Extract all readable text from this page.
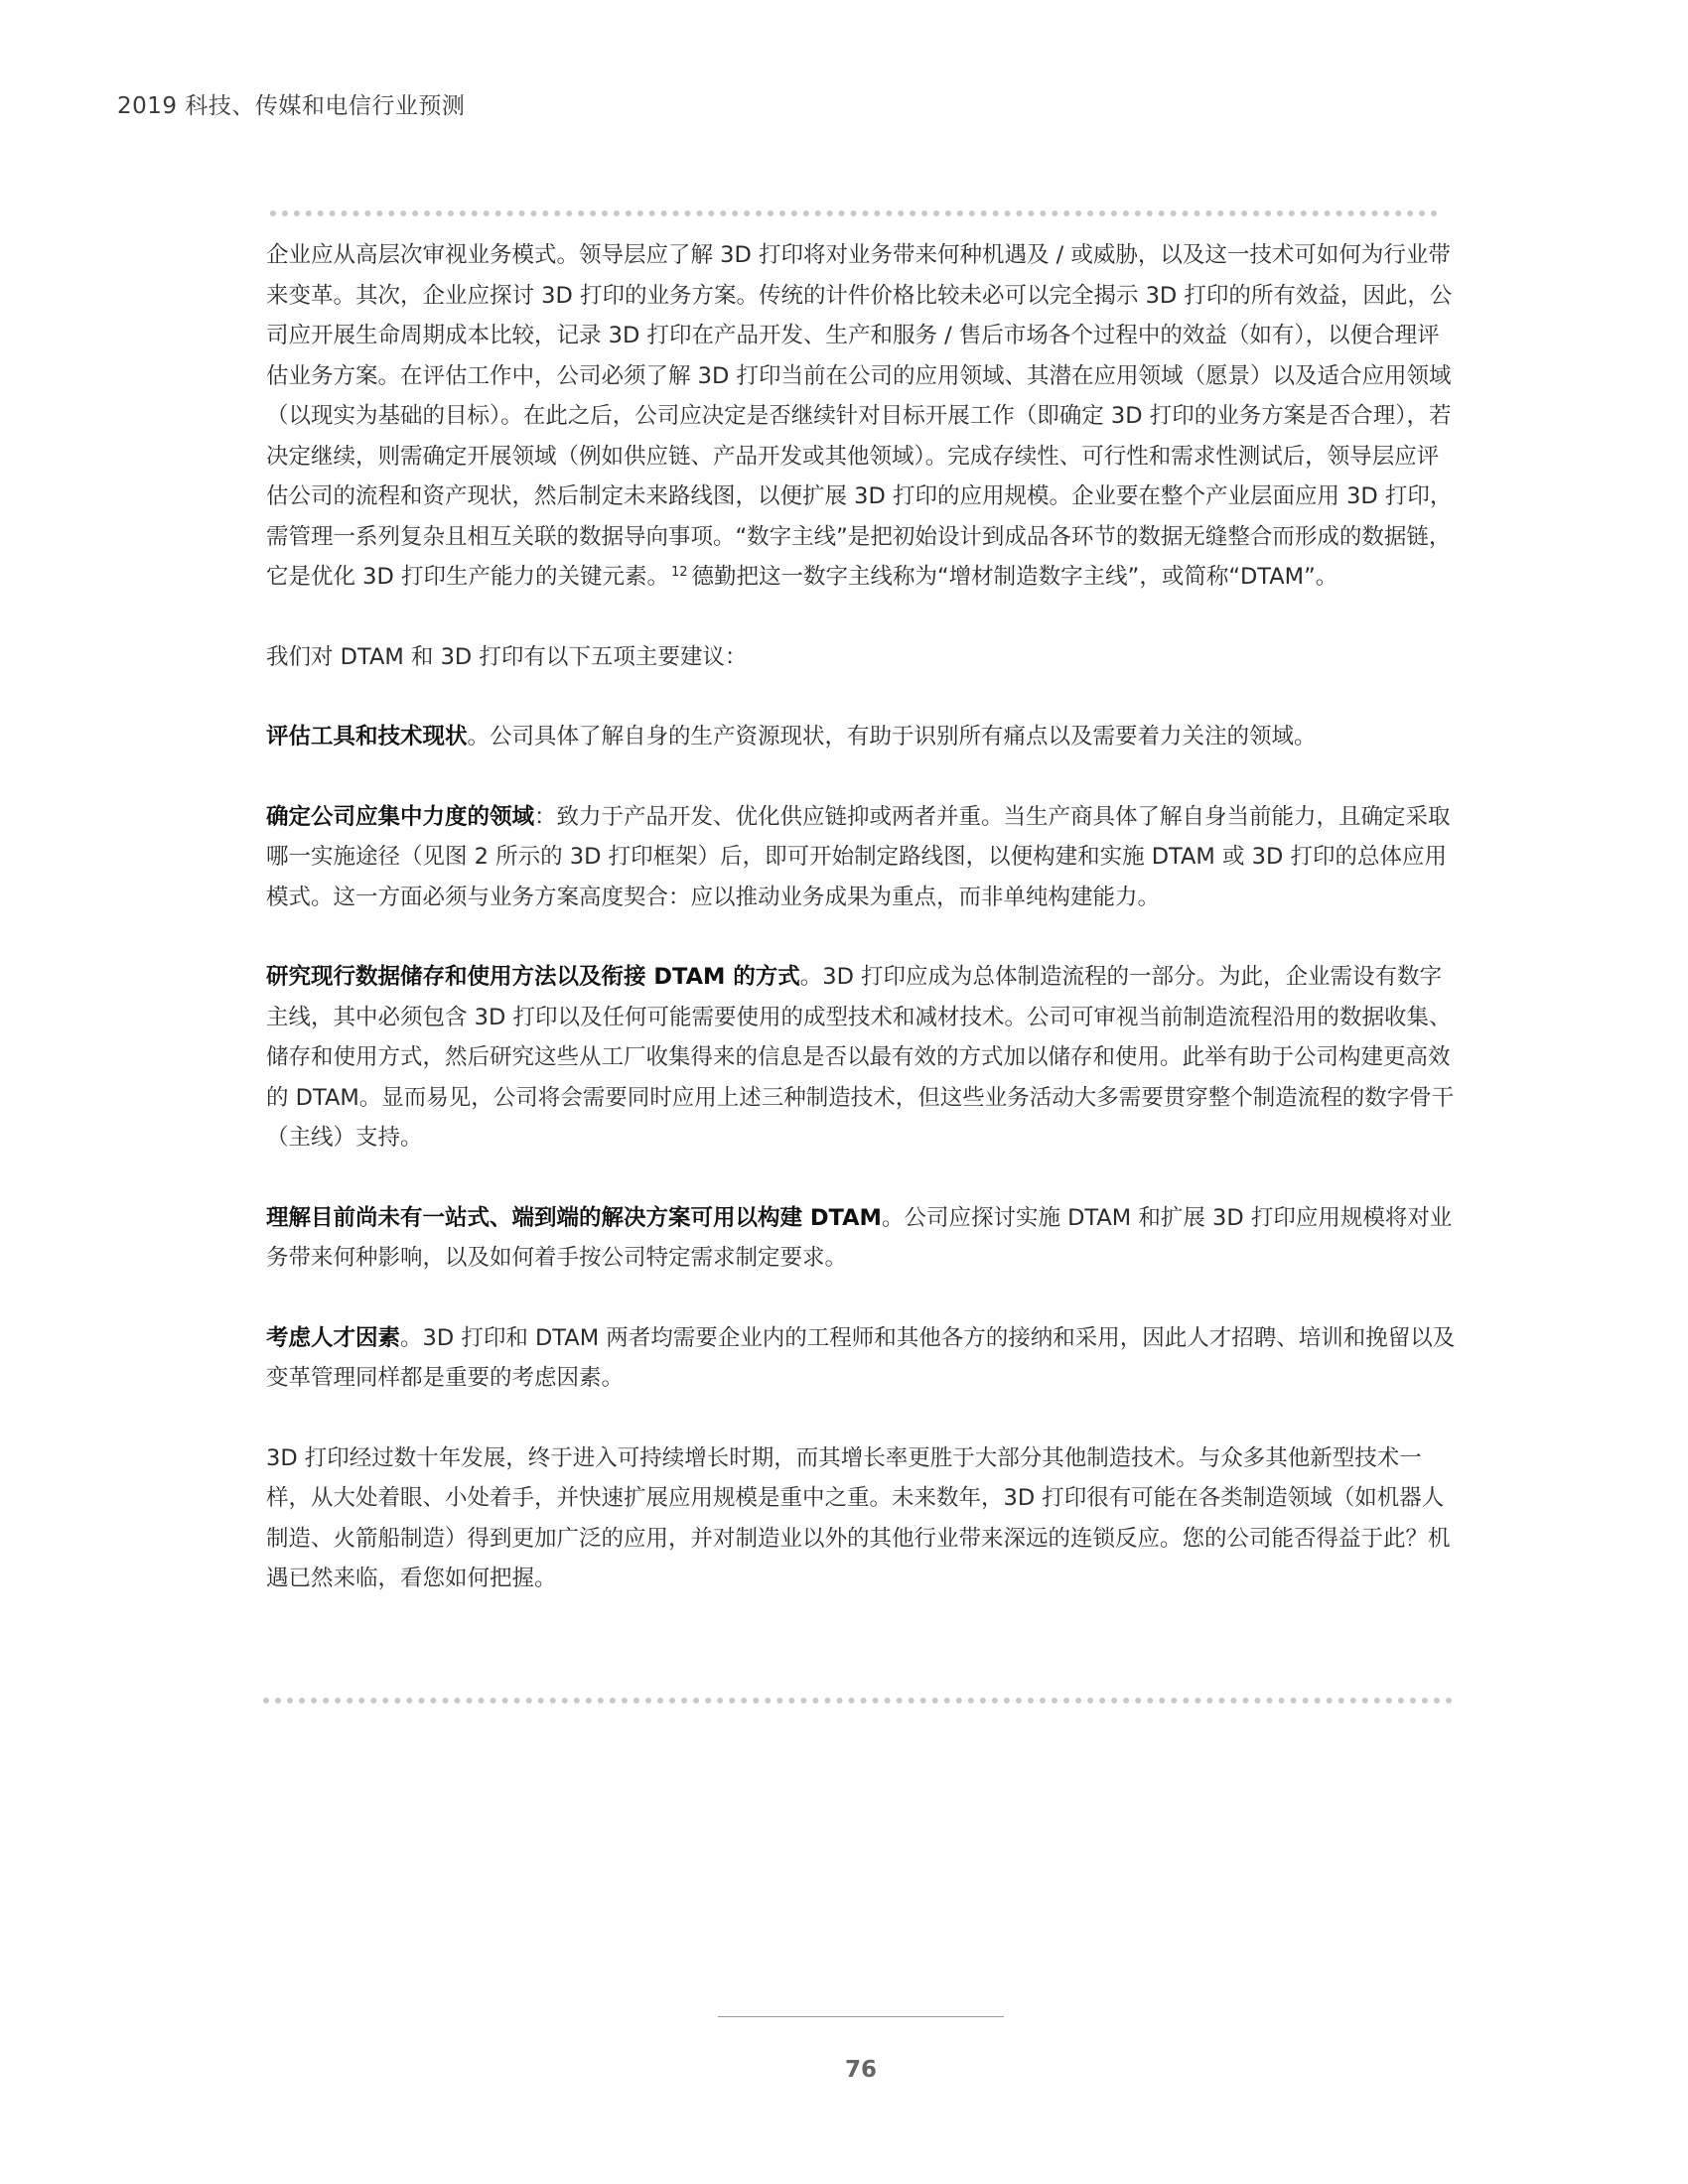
2019 科技、传媒和电信行业预测

企业应从高层次审视业务模式。领导层应了解 3D 打印将对业务带来何种机遇及 / 或威胁，以及这一技术可如何为行业带来变革。其次，企业应探讨 3D 打印的业务方案。传统的计件价格比较未必可以完全揭示 3D 打印的所有效益，因此，公司应开展生命周期成本比较，记录 3D 打印在产品开发、生产和服务 / 售后市场各个过程中的效益（如有），以便合理评估业务方案。在评估工作中，公司必须了解 3D 打印当前在公司的应用领域、其潜在应用领域（愿景）以及适合应用领域（以现实为基础的目标）。在此之后，公司应决定是否继续针对目标开展工作（即确定 3D 打印的业务方案是否合理），若决定继续，则需确定开展领域（例如供应链、产品开发或其他领域）。完成存续性、可行性和需求性测试后，领导层应评估公司的流程和资产现状，然后制定未来路线图，以便扩展 3D 打印的应用规模。企业要在整个产业层面应用 3D 打印，需管理一系列复杂且相互关联的数据导向事项。“数字主线”是把初始设计到成品各环节的数据无缝整合而形成的数据链，它是优化 3D 打印生产能力的关键元素。 $^{12}$ 德勤把这一数字主线称为“增材制造数字主线”，或简称“DTAM”。

我们对 DTAM 和 3D 打印有以下五项主要建议：

评估工具和技术现状。公司具体了解自身的生产资源现状，有助于识别所有痛点以及需要着力关注的领域。

确定公司应集中力度的领域：致力于产品开发、优化供应链抑或两者并重。当生产商具体了解自身当前能力，且确定采取哪一实施途径（见图 2 所示的 3D 打印框架）后，即可开始制定路线图，以便构建和实施 DTAM 或 3D 打印的总体应用模式。这一方面必须与业务方案高度契合：应以推动业务成果为重点，而非单纯构建能力。

研究现行数据储存和使用方法以及衔接 DTAM 的方式。3D 打印应成为总体制造流程的一部分。为此，企业需设有数字主线，其中必须包含 3D 打印以及任何可能需要使用的成型技术和减材技术。公司可审视当前制造流程沿用的数据收集、储存和使用方式，然后研究这些从工厂收集得来的信息是否以最有效的方式加以储存和使用。此举有助于公司构建更高效的 DTAM。显而易见，公司将会需要同时应用上述三种制造技术，但这些业务活动大多需要贯穿整个制造流程的数字骨干（主线）支持。

理解目前尚未有一站式、端到端的解决方案可用以构建 DTAM。公司应探讨实施 DTAM 和扩展 3D 打印应用规模将对业务带来何种影响，以及如何着手按公司特定需求制定要求。

考虑人才因素。3D 打印和 DTAM 两者均需要企业内的工程师和其他各方的接纳和采用，因此人才招聘、培训和挽留以及变革管理同样都是重要的考虑因素。

3D 打印经过数十年发展，终于进入可持续增长时期，而其增长率更胜于大部分其他制造技术。与众多其他新型技术一样，从大处着眼、小处着手，并快速扩展应用规模是重中之重。未来数年，3D 打印很有可能在各类制造领域（如机器人制造、火箭船制造）得到更加广泛的应用，并对制造业以外的其他行业带来深远的连锁反应。您的公司能否得益于此？机遇已然来临，看您如何把握。

76
